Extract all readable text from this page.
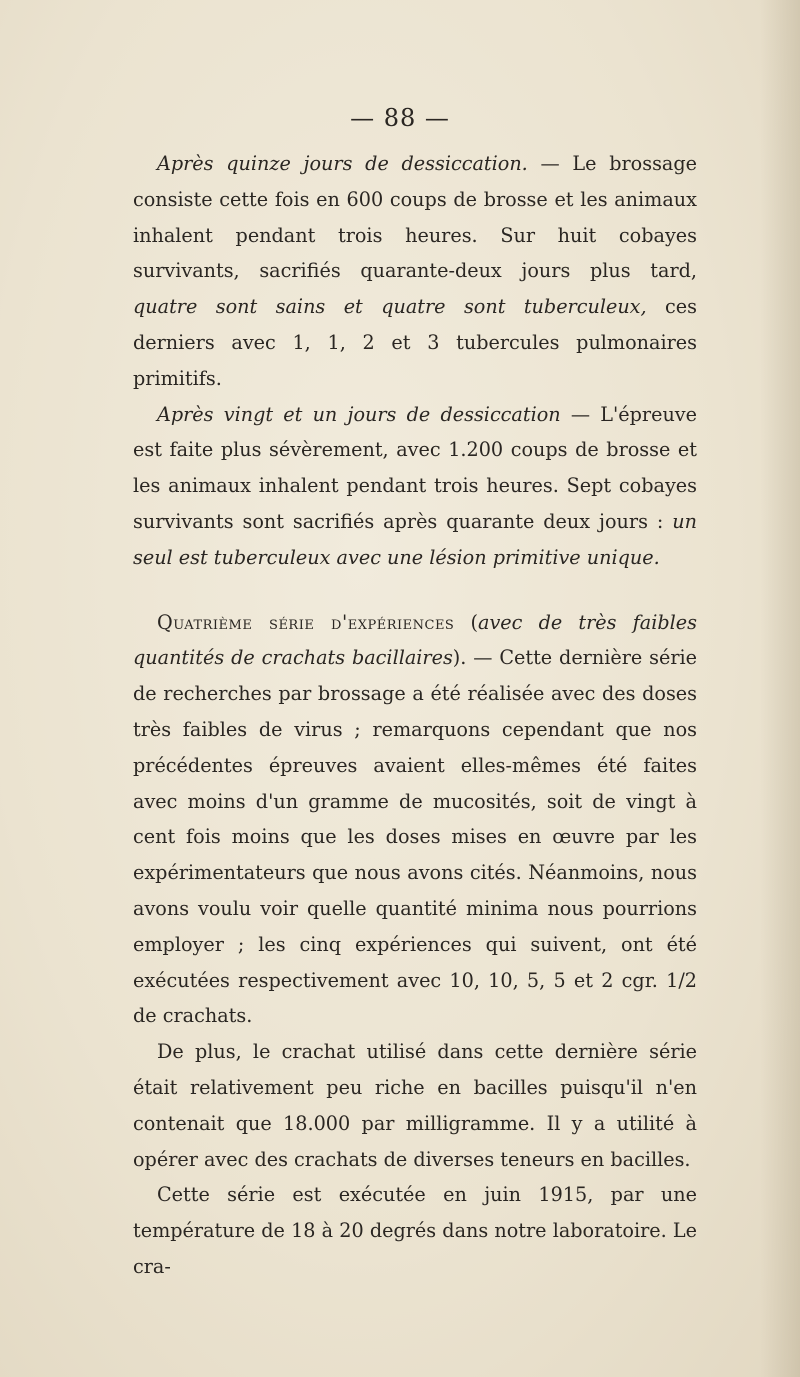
— 88 —

Après quinze jours de dessiccation. — Le brossage consiste cette fois en 600 coups de brosse et les animaux inhalent pendant trois heures. Sur huit cobayes survivants, sacrifiés quarante-deux jours plus tard, quatre sont sains et quatre sont tuberculeux, ces derniers avec 1, 1, 2 et 3 tubercules pulmonaires primitifs.

Après vingt et un jours de dessiccation — L'épreuve est faite plus sévèrement, avec 1.200 coups de brosse et les animaux inhalent pendant trois heures. Sept cobayes survivants sont sacrifiés après quarante deux jours : un seul est tuberculeux avec une lésion primitive unique.

Quatrième série d'expériences (avec de très faibles quantités de crachats bacillaires). — Cette dernière série de recherches par brossage a été réalisée avec des doses très faibles de virus ; remarquons cependant que nos précédentes épreuves avaient elles-mêmes été faites avec moins d'un gramme de mucosités, soit de vingt à cent fois moins que les doses mises en œuvre par les expérimentateurs que nous avons cités. Néanmoins, nous avons voulu voir quelle quantité minima nous pourrions employer ; les cinq expériences qui suivent, ont été exécutées respectivement avec 10, 10, 5, 5 et 2 cgr. 1/2 de crachats.

De plus, le crachat utilisé dans cette dernière série était relativement peu riche en bacilles puisqu'il n'en contenait que 18.000 par milligramme. Il y a utilité à opérer avec des crachats de diverses teneurs en bacilles.

Cette série est exécutée en juin 1915, par une température de 18 à 20 degrés dans notre laboratoire. Le cra-
